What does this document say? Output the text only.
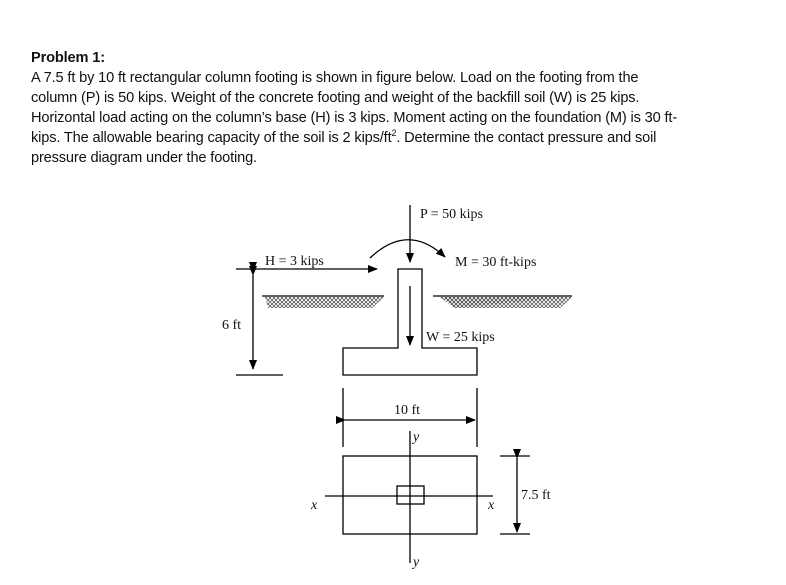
Problem 1:
A 7.5 ft by 10 ft rectangular column footing is shown in figure below. Load on the footing from the
column (P) is 50 kips. Weight of the concrete footing and weight of the backfill soil (W) is 25 kips.
Horizontal load acting on the column’s base (H) is 3 kips. Moment acting on the foundation (M) is 30 ft-
kips. The allowable bearing capacity of the soil is 2 kips/$ft^2$. Determine the contact pressure and soil
pressure diagram under the footing.
P = 50 kips
H = 3 kips	M = 30 ft-kips
W = 25 kips
6 ft
10 ft
7.5 ft
x	x
y
y
